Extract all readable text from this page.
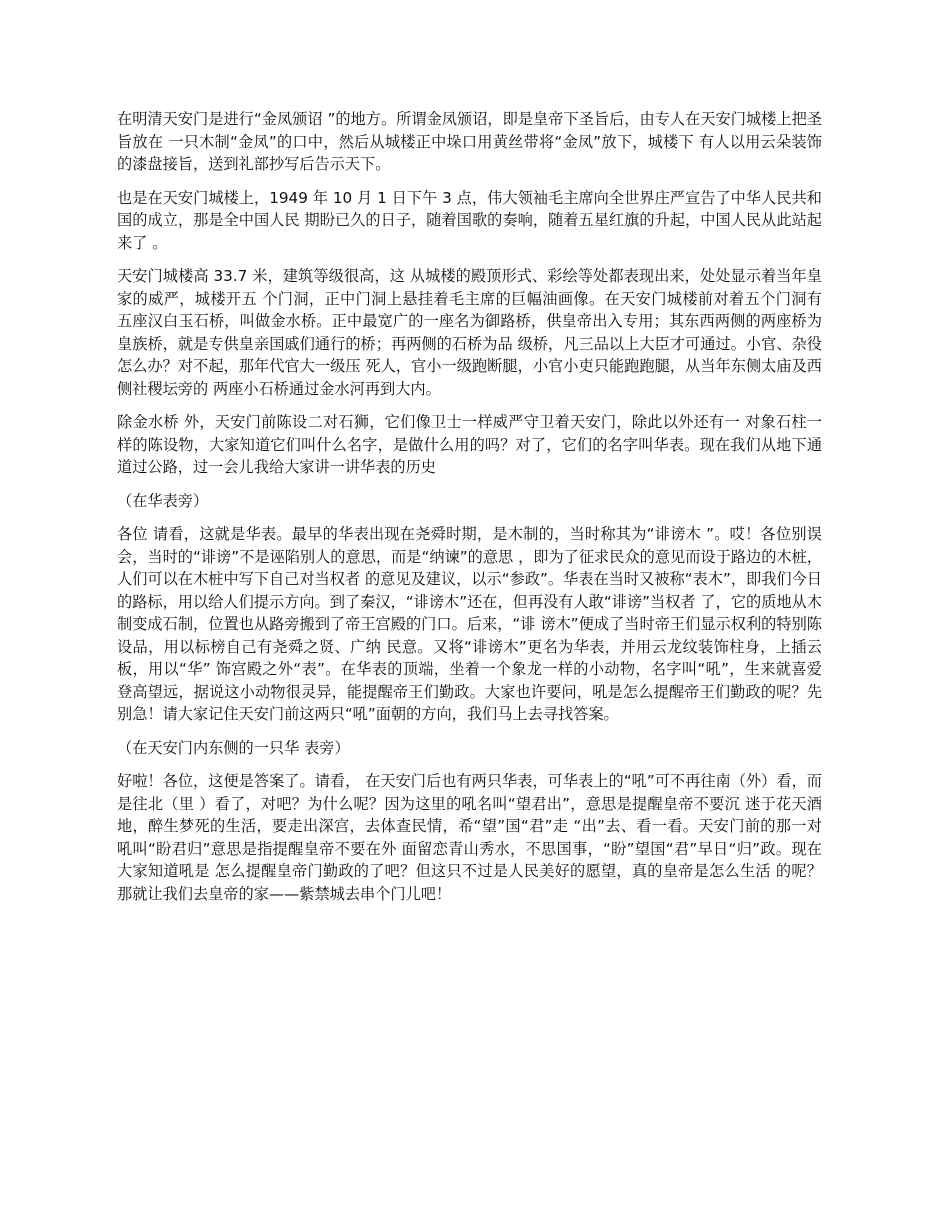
在明清天安门是进行“金凤颁诏 ”的地方。所谓金凤颁诏，即是皇帝下圣旨后，由专人在天安门城楼上把圣旨放在 一只木制“金凤”的口中，然后从城楼正中垛口用黄丝带将“金凤”放下，城楼下 有人以用云朵装饰的漆盘接旨，送到礼部抄写后告示天下。

也是在天安门城楼上，1949 年 10 月 1 日下午 3 点，伟大领袖毛主席向全世界庄严宣告了中华人民共和国的成立，那是全中国人民 期盼已久的日子，随着国歌的奏响，随着五星红旗的升起，中国人民从此站起来了 。

天安门城楼高 33.7 米，建筑等级很高，这 从城楼的殿顶形式、彩绘等处都表现出来，处处显示着当年皇家的威严，城楼开五 个门洞，正中门洞上悬挂着毛主席的巨幅油画像。在天安门城楼前对着五个门洞有 五座汉白玉石桥，叫做金水桥。正中最宽广的一座名为御路桥，供皇帝出入专用；其东西两侧的两座桥为皇族桥，就是专供皇亲国戚们通行的桥；再两侧的石桥为品 级桥，凡三品以上大臣才可通过。小官、杂役怎么办？对不起，那年代官大一级压 死人，官小一级跑断腿，小官小吏只能跑跑腿，从当年东侧太庙及西侧社稷坛旁的 两座小石桥通过金水河再到大内。

除金水桥 外，天安门前陈设二对石狮，它们像卫士一样威严守卫着天安门，除此以外还有一 对象石柱一样的陈设物，大家知道它们叫什么名字，是做什么用的吗？对了，它们的名字叫华表。现在我们从地下通道过公路，过一会儿我给大家讲一讲华表的历史

（在华表旁）

各位 请看，这就是华表。最早的华表出现在尧舜时期，是木制的，当时称其为“诽谤木 ”。哎！各位别误会，当时的“诽谤”不是诬陷别人的意思，而是“纳谏”的意思 ，即为了征求民众的意见而设于路边的木桩，人们可以在木桩中写下自己对当权者 的意见及建议，以示“参政”。华表在当时又被称“表木”，即我们今日的路标，用以给人们提示方向。到了秦汉，“诽谤木”还在，但再没有人敢“诽谤”当权者 了，它的质地从木制变成石制，位置也从路旁搬到了帝王宫殿的门口。后来，“诽 谤木”便成了当时帝王们显示权利的特别陈设品，用以标榜自己有尧舜之贤、广纳 民意。又将“诽谤木”更名为华表，并用云龙纹装饰柱身，上插云板，用以“华” 饰宫殿之外“表”。在华表的顶端，坐着一个象龙一样的小动物，名字叫“吼”，生来就喜爱登高望远，据说这小动物很灵异，能提醒帝王们勤政。大家也许要问，吼是怎么提醒帝王们勤政的呢？先别急！请大家记住天安门前这两只“吼”面朝的方向，我们马上去寻找答案。

（在天安门内东侧的一只华 表旁）

好啦！各位，这便是答案了。请看， 在天安门后也有两只华表，可华表上的“吼”可不再往南（外）看，而是往北（里 ）看了，对吧？为什么呢？因为这里的吼名叫“望君出”，意思是提醒皇帝不要沉 迷于花天酒地，醉生梦死的生活，要走出深宫，去体查民情，希“望”国“君”走 “出”去、看一看。天安门前的那一对吼叫“盼君归”意思是指提醒皇帝不要在外 面留恋青山秀水，不思国事，“盼”望国“君”早日“归”政。现在大家知道吼是 怎么提醒皇帝门勤政的了吧？但这只不过是人民美好的愿望，真的皇帝是怎么生活 的呢？那就让我们去皇帝的家——紫禁城去串个门儿吧！
